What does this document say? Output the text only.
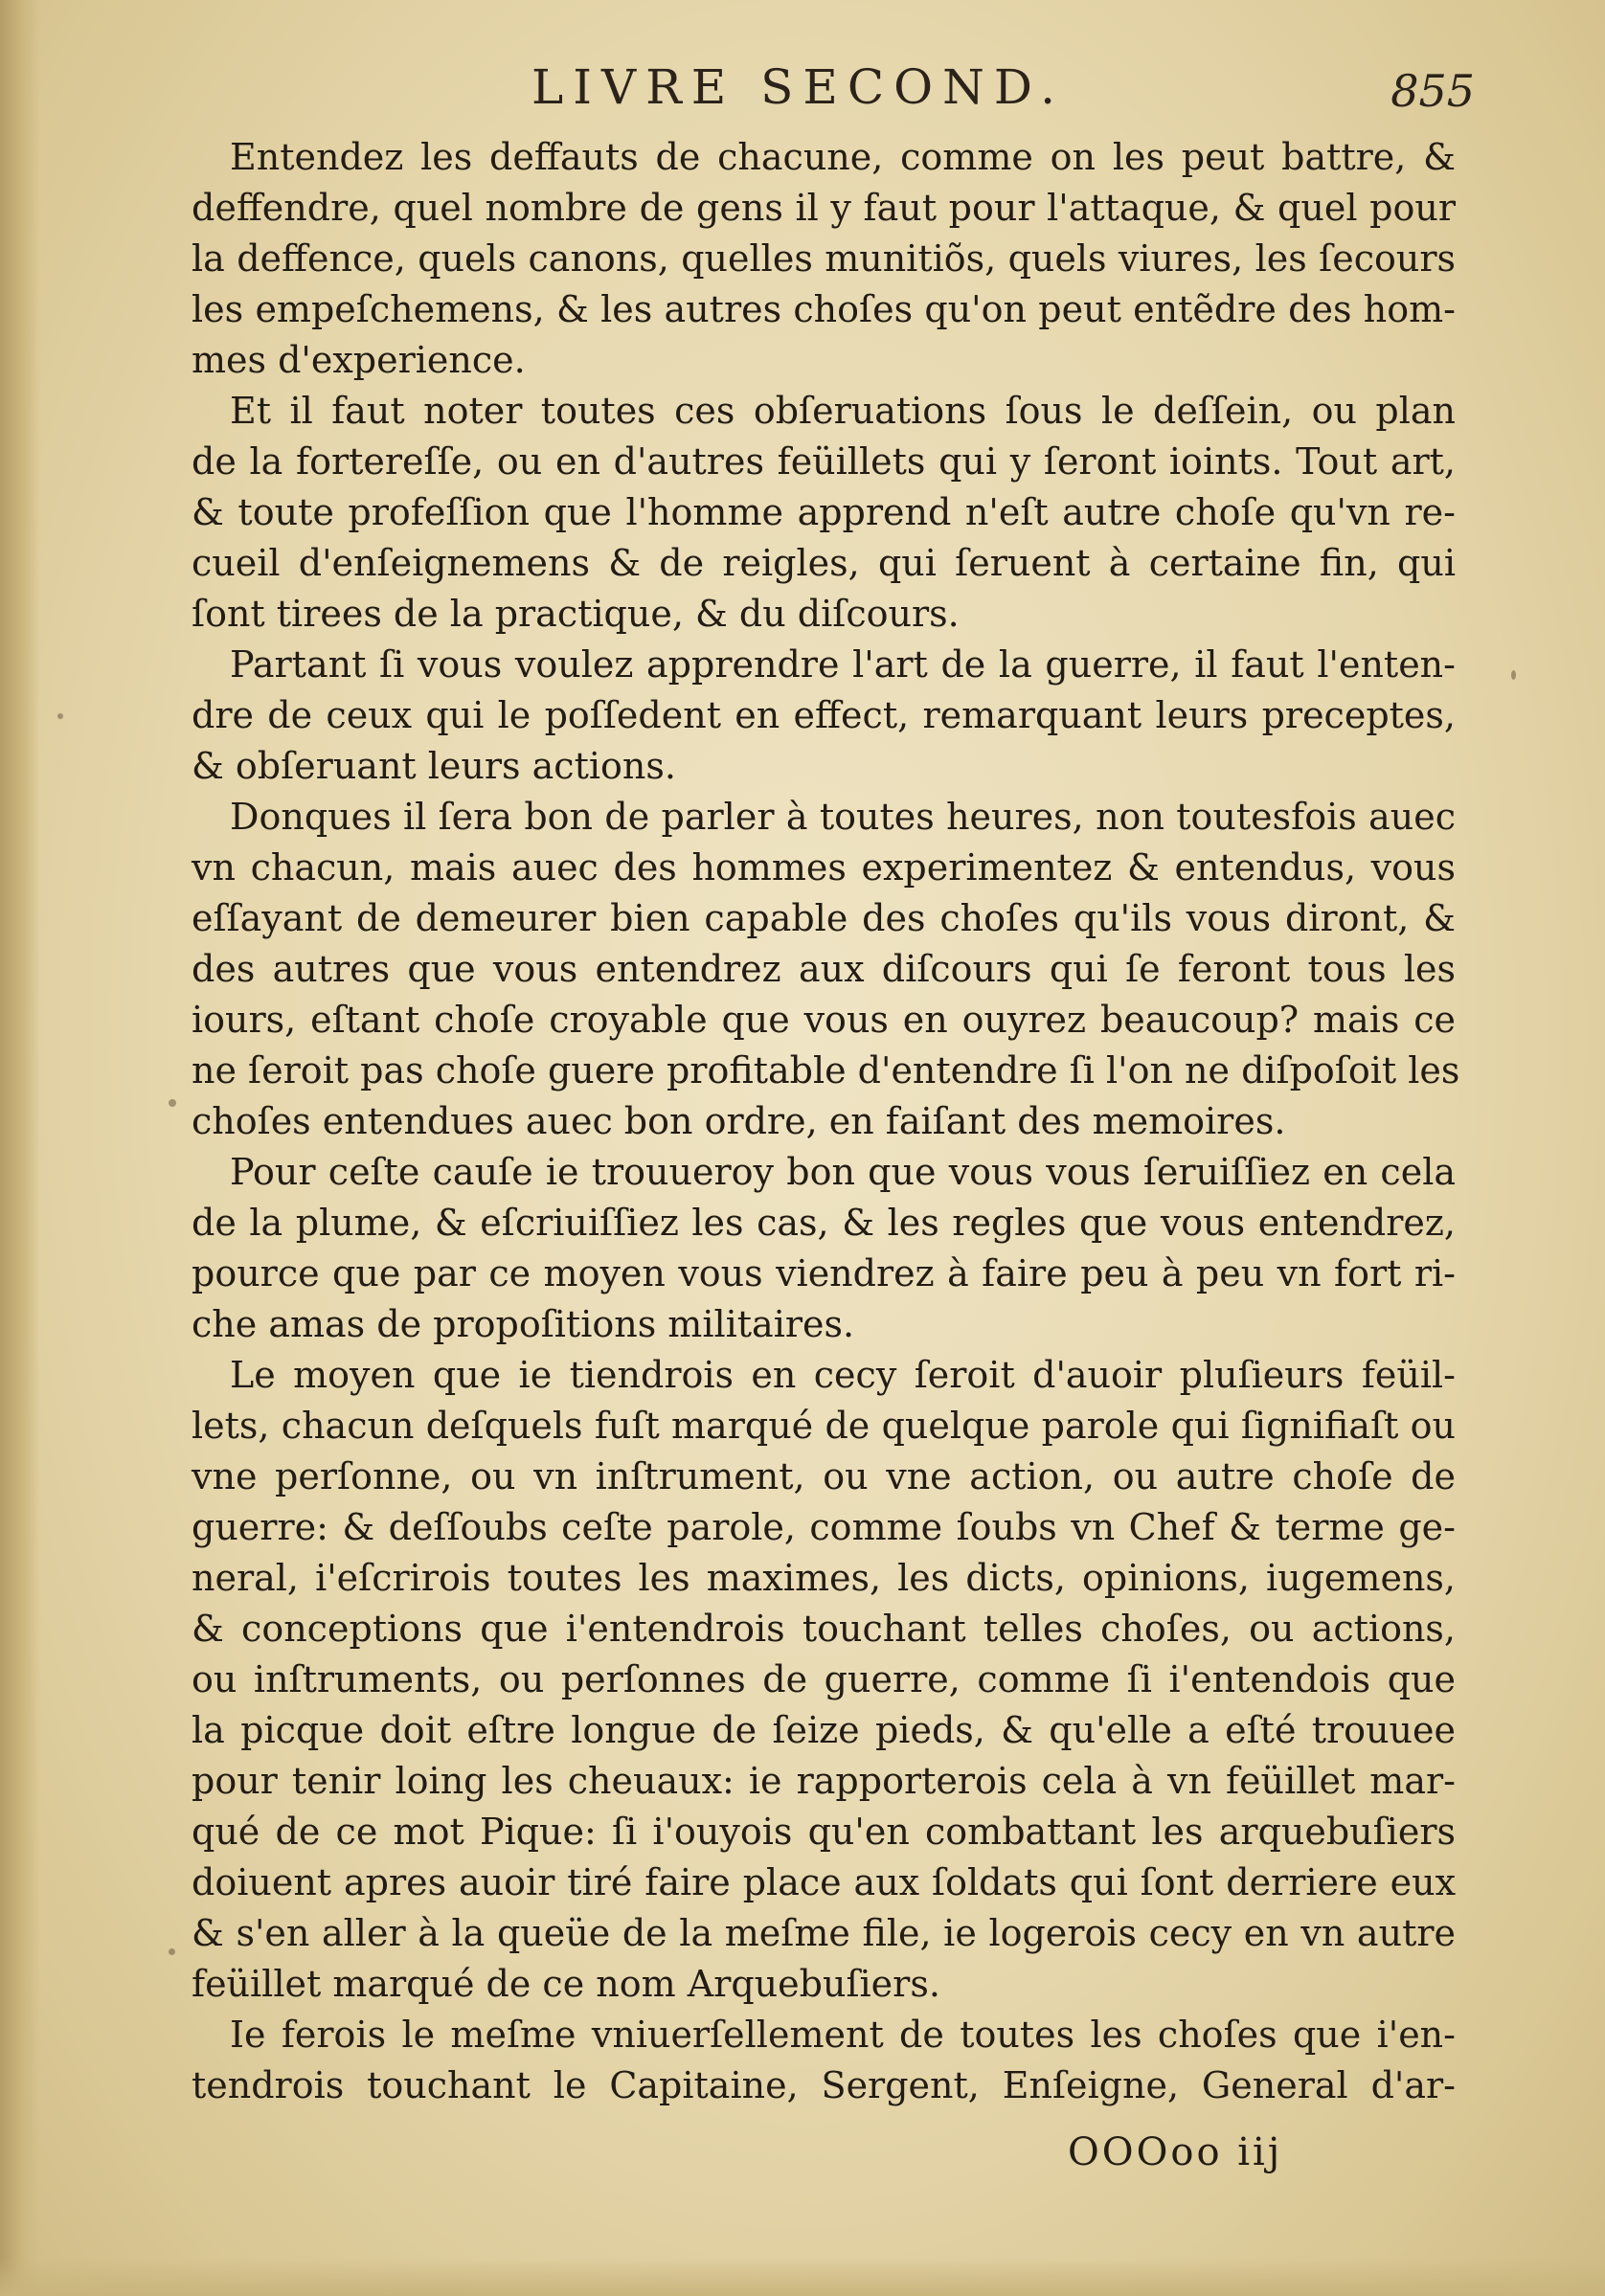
LIVRE SECOND.	855
Entendez les deffauts de chacune, comme on les peut battre, &
deffendre, quel nombre de gens il y faut pour l'attaque, & quel pour
la deffence, quels canons, quelles munitiõs, quels viures, les ſecours
les empeſchemens, & les autres choſes qu'on peut entẽdre des hom-
mes d'experience.
Et il faut noter toutes ces obſeruations ſous le deſſein, ou plan
de la fortereſſe, ou en d'autres feüillets qui y ſeront ioints. Tout art,
& toute profeſſion que l'homme apprend n'eſt autre choſe qu'vn re-
cueil d'enſeignemens & de reigles, qui ſeruent à certaine fin, qui
ſont tirees de la practique, & du diſcours.
Partant ſi vous voulez apprendre l'art de la guerre, il faut l'enten-
dre de ceux qui le poſſedent en effect, remarquant leurs preceptes,
& obſeruant leurs actions.
Donques il ſera bon de parler à toutes heures, non toutesfois auec
vn chacun, mais auec des hommes experimentez & entendus, vous
eſſayant de demeurer bien capable des choſes qu'ils vous diront, &
des autres que vous entendrez aux diſcours qui ſe feront tous les
iours, eſtant choſe croyable que vous en ouyrez beaucoup? mais ce
ne ſeroit pas choſe guere profitable d'entendre ſi l'on ne diſpoſoit les
choſes entendues auec bon ordre, en faiſant des memoires.
Pour ceſte cauſe ie trouueroy bon que vous vous ſeruiſſiez en cela
de la plume, & eſcriuiſſiez les cas, & les regles que vous entendrez,
pource que par ce moyen vous viendrez à faire peu à peu vn fort ri-
che amas de propoſitions militaires.
Le moyen que ie tiendrois en cecy ſeroit d'auoir pluſieurs feüil-
lets, chacun deſquels fuſt marqué de quelque parole qui ſignifiaſt ou
vne perſonne, ou vn inſtrument, ou vne action, ou autre choſe de
guerre: & deſſoubs ceſte parole, comme ſoubs vn Chef & terme ge-
neral, i'eſcrirois toutes les maximes, les dicts, opinions, iugemens,
& conceptions que i'entendrois touchant telles choſes, ou actions,
ou inſtruments, ou perſonnes de guerre, comme ſi i'entendois que
la picque doit eſtre longue de ſeize pieds, & qu'elle a eſté trouuee
pour tenir loing les cheuaux: ie rapporterois cela à vn feüillet mar-
qué de ce mot Pique: ſi i'ouyois qu'en combattant les arquebuſiers
doiuent apres auoir tiré faire place aux ſoldats qui ſont derriere eux
& s'en aller à la queüe de la meſme file, ie logerois cecy en vn autre
feüillet marqué de ce nom Arquebuſiers.
Ie ferois le meſme vniuerſellement de toutes les choſes que i'en-
tendrois touchant le Capitaine, Sergent, Enſeigne, General d'ar-
OOOoo iij
